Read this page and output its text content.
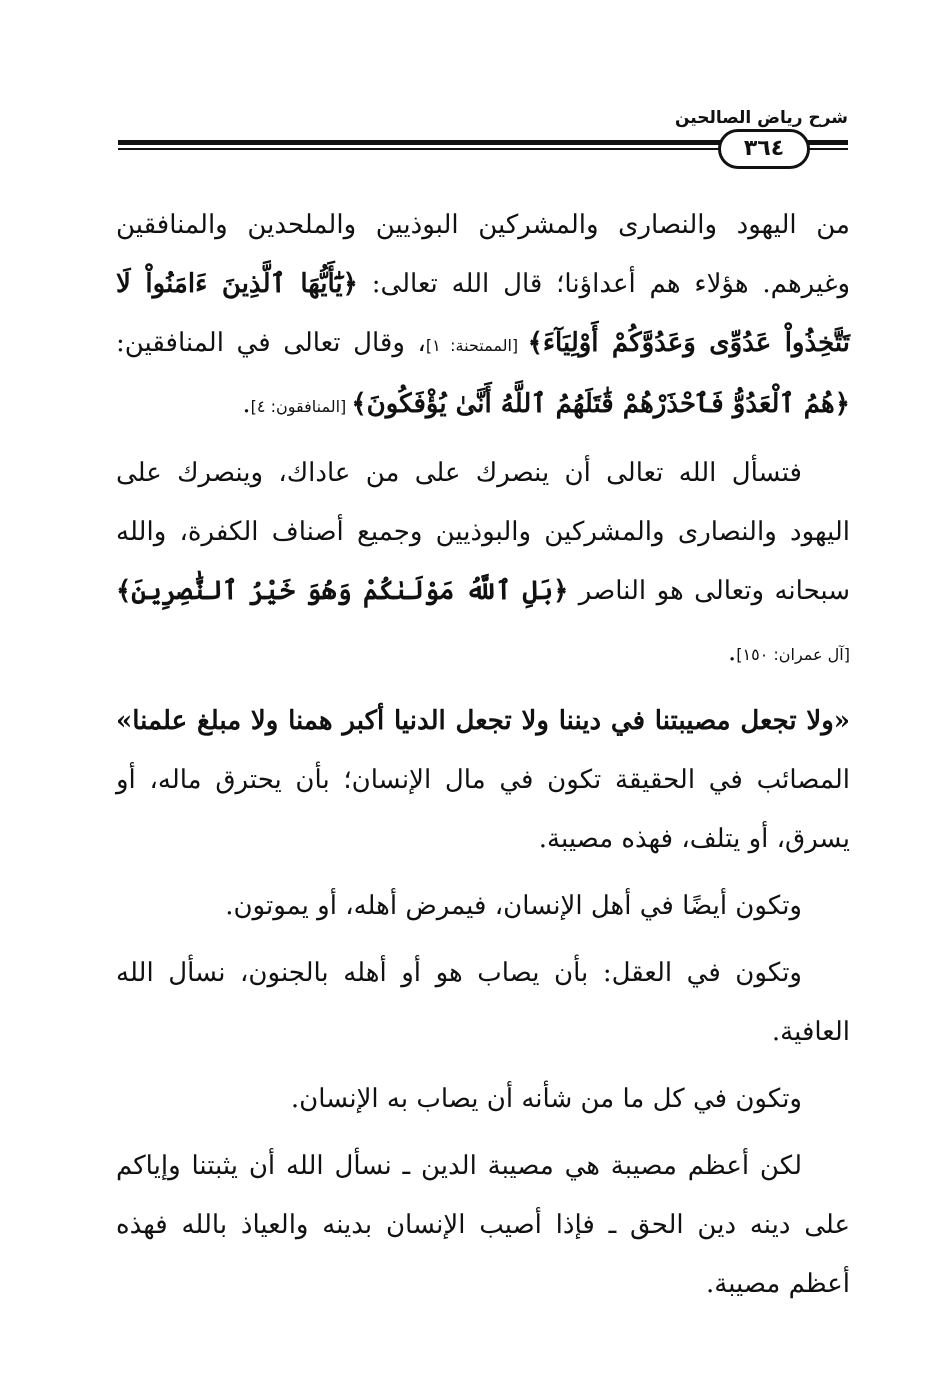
شرح رياض الصالحين
٣٦٤

من اليهود والنصارى والمشركين البوذيين والملحدين والمنافقين وغيرهم. هؤلاء هم أعداؤنا؛ قال الله تعالى: ﴿يَٰٓأَيُّهَا ٱلَّذِينَ ءَامَنُواْ لَا تَتَّخِذُواْ عَدُوِّى وَعَدُوَّكُمْ أَوْلِيَآءَ﴾ [الممتحنة: ١]، وقال تعالى في المنافقين: ﴿هُمُ ٱلْعَدُوُّ فَٱحْذَرْهُمْ قَٰتَلَهُمُ ٱللَّهُ أَنَّىٰ يُؤْفَكُونَ﴾ [المنافقون: ٤].

فتسأل الله تعالى أن ينصرك على من عاداك، وينصرك على اليهود والنصارى والمشركين والبوذيين وجميع أصناف الكفرة، والله سبحانه وتعالى هو الناصر ﴿بَلِ ٱللَّهُ مَوْلَىٰكُمْ وَهُوَ خَيْرُ ٱلنَّٰصِرِينَ﴾ [آل عمران: ١٥٠].

«ولا تجعل مصيبتنا في ديننا ولا تجعل الدنيا أكبر همنا ولا مبلغ علمنا» المصائب في الحقيقة تكون في مال الإنسان؛ بأن يحترق ماله، أو يسرق، أو يتلف، فهذه مصيبة.

وتكون أيضًا في أهل الإنسان، فيمرض أهله، أو يموتون.

وتكون في العقل: بأن يصاب هو أو أهله بالجنون، نسأل الله العافية.

وتكون في كل ما من شأنه أن يصاب به الإنسان.

لكن أعظم مصيبة هي مصيبة الدين ـ نسأل الله أن يثبتنا وإياكم على دينه دين الحق ـ فإذا أصيب الإنسان بدينه والعياذ بالله فهذه أعظم مصيبة.
